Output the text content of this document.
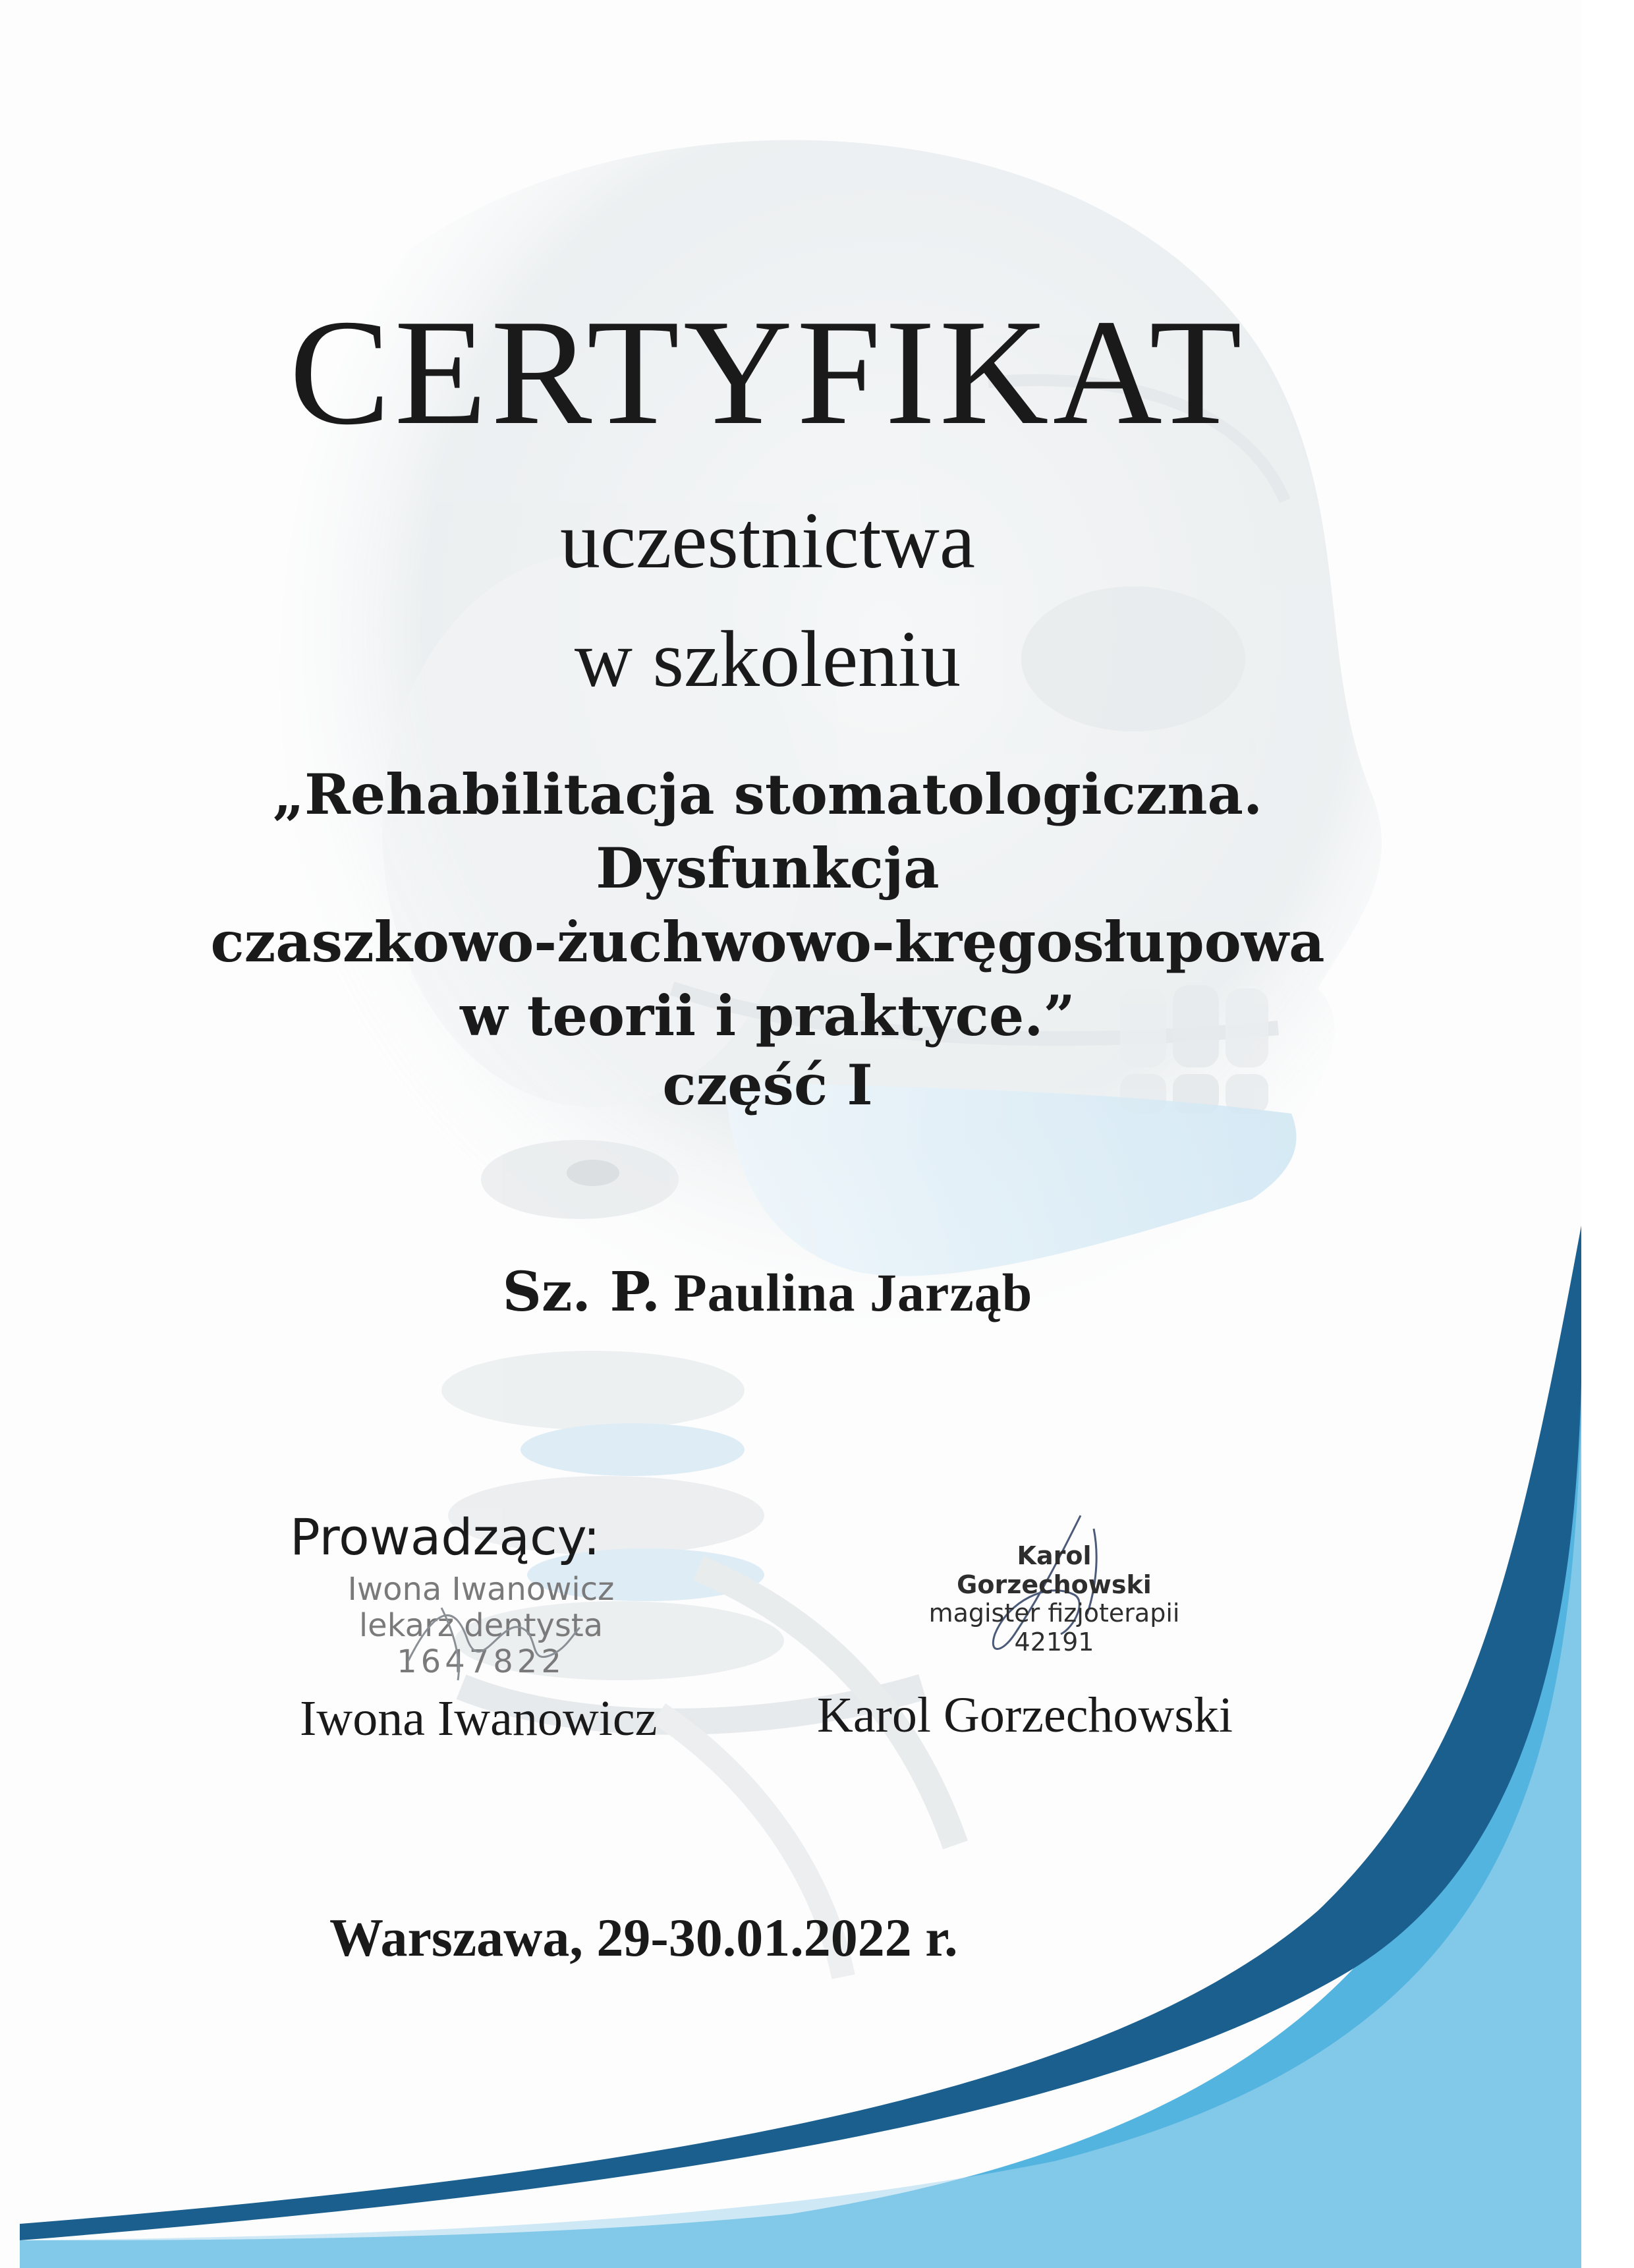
CERTYFIKAT
uczestnictwa
w szkoleniu
„Rehabilitacja stomatologiczna.
Dysfunkcja
czaszkowo-żuchwowo-kręgosłupowa
w teorii i praktyce.”
część I
Sz. P. Paulina Jarząb
Prowadzący:
Iwona Iwanowicz
lekarz dentysta
1647822
Karol Gorzechowski
magister fizjoterapii
42191
Iwona Iwanowicz	Karol Gorzechowski
Warszawa, 29-30.01.2022 r.
